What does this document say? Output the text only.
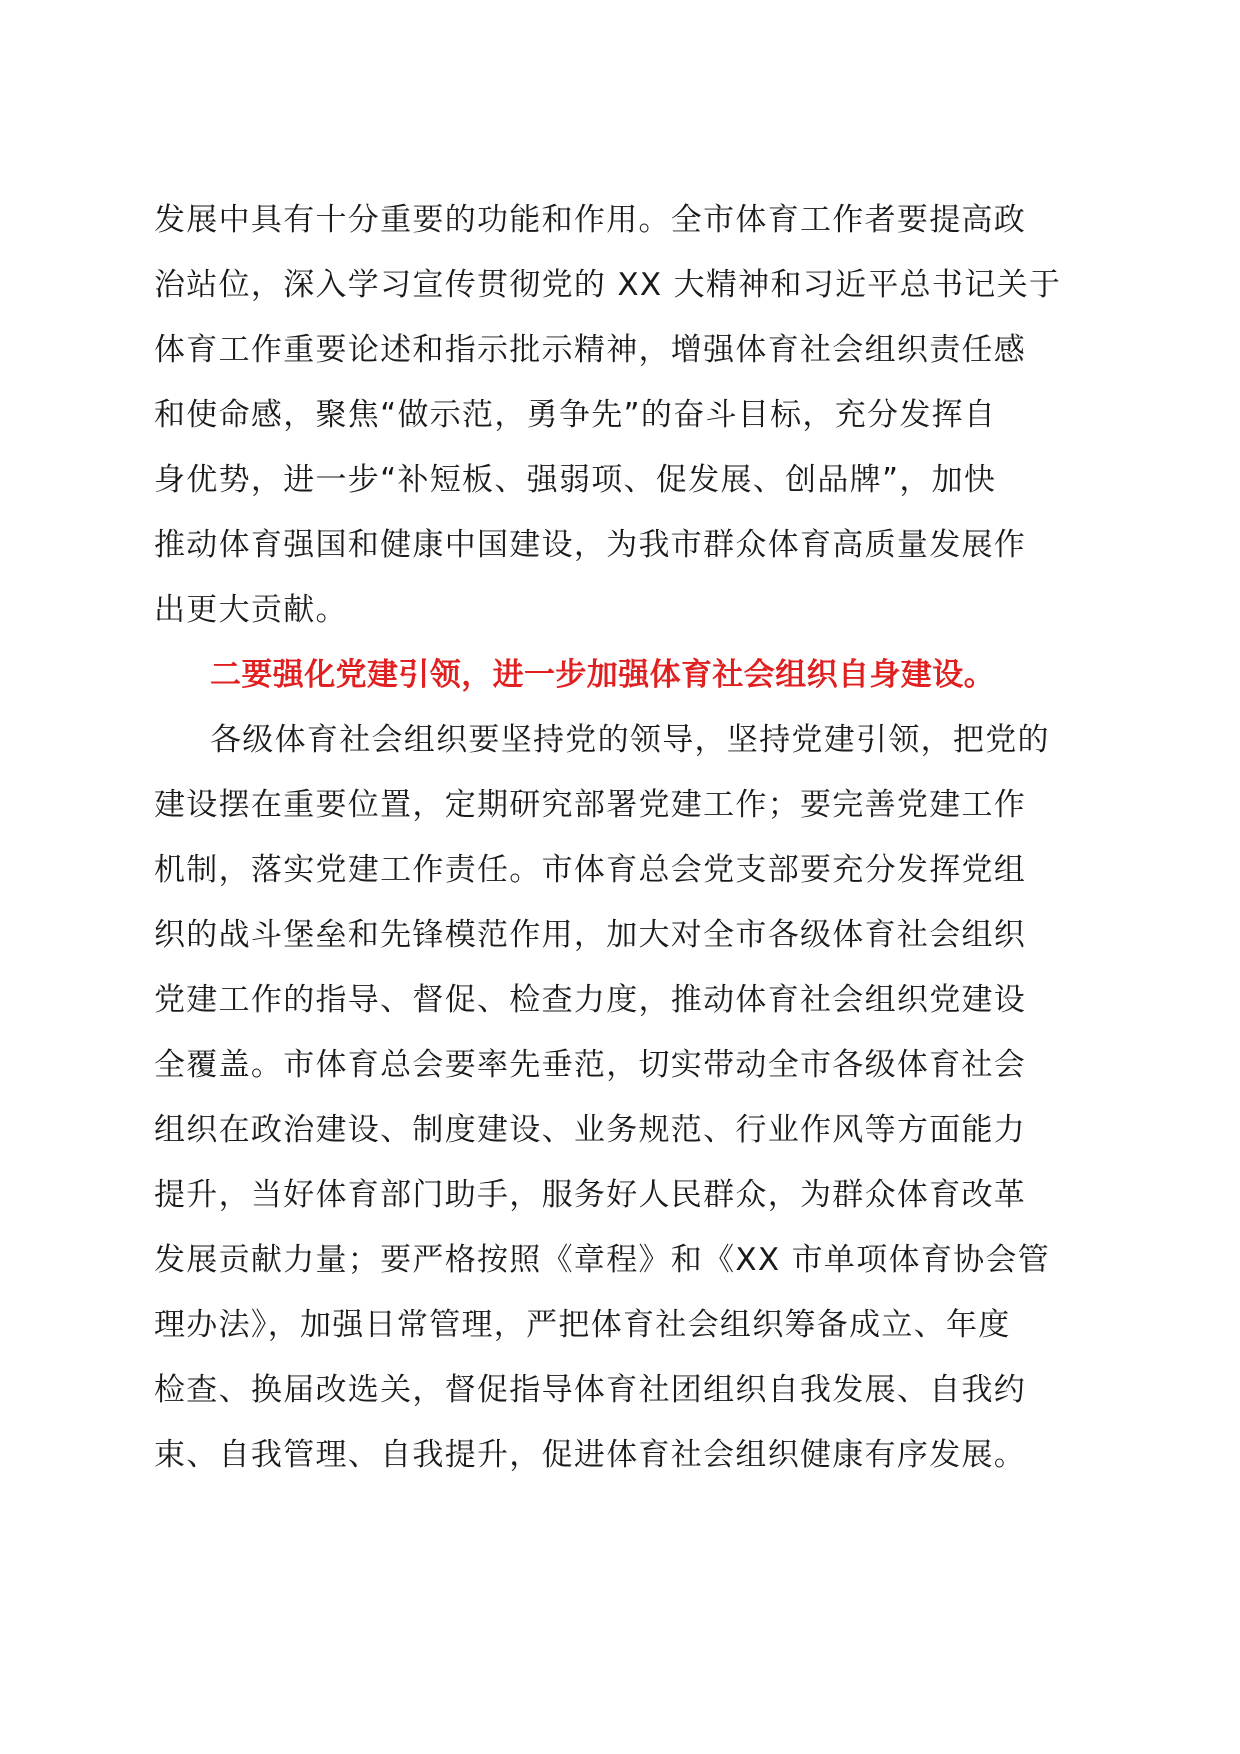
发展中具有十分重要的功能和作用。全市体育工作者要提高政
治站位，深入学习宣传贯彻党的 XX 大精神和习近平总书记关于
体育工作重要论述和指示批示精神，增强体育社会组织责任感
和使命感，聚焦“做示范，勇争先”的奋斗目标，充分发挥自
身优势，进一步“补短板、强弱项、促发展、创品牌”，加快
推动体育强国和健康中国建设，为我市群众体育高质量发展作
出更大贡献。
二要强化党建引领，进一步加强体育社会组织自身建设。
各级体育社会组织要坚持党的领导，坚持党建引领，把党的
建设摆在重要位置，定期研究部署党建工作；要完善党建工作
机制，落实党建工作责任。市体育总会党支部要充分发挥党组
织的战斗堡垒和先锋模范作用，加大对全市各级体育社会组织
党建工作的指导、督促、检查力度，推动体育社会组织党建设
全覆盖。市体育总会要率先垂范，切实带动全市各级体育社会
组织在政治建设、制度建设、业务规范、行业作风等方面能力
提升，当好体育部门助手，服务好人民群众，为群众体育改革
发展贡献力量；要严格按照《章程》和《XX 市单项体育协会管
理办法》，加强日常管理，严把体育社会组织筹备成立、年度
检查、换届改选关，督促指导体育社团组织自我发展、自我约
束、自我管理、自我提升，促进体育社会组织健康有序发展。
